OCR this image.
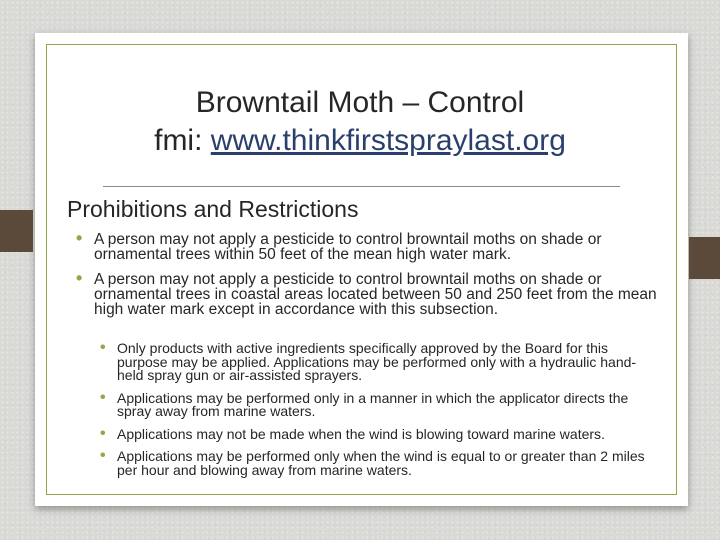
Browntail Moth – Control
fmi: www.thinkfirstspraylast.org
Prohibitions and Restrictions
• A person may not apply a pesticide to control browntail moths on shade or ornamental trees within 50 feet of the mean high water mark.
• A person may not apply a pesticide to control browntail moths on shade or ornamental trees in coastal areas located between 50 and 250 feet from the mean high water mark except in accordance with this subsection.
• Only products with active ingredients specifically approved by the Board for this purpose may be applied. Applications may be performed only with a hydraulic hand-held spray gun or air-assisted sprayers.
• Applications may be performed only in a manner in which the applicator directs the spray away from marine waters.
• Applications may not be made when the wind is blowing toward marine waters.
• Applications may be performed only when the wind is equal to or greater than 2 miles per hour and blowing away from marine waters.
